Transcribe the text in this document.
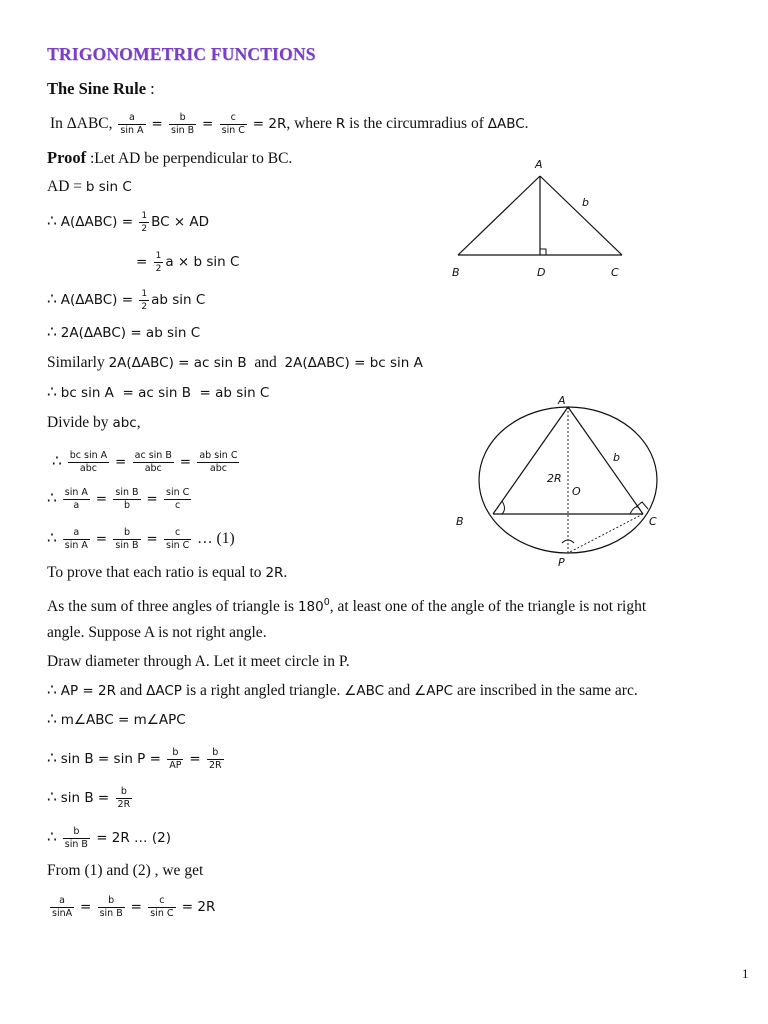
TRIGONOMETRIC FUNCTIONS
The Sine Rule :
In ΔABC, $\frac{a}{\text{sin A}} = \frac{b}{\text{sin B}} = \frac{c}{\text{sin C}} = 2R$, where R is the circumradius of ΔABC.
Proof :Let AD be perpendicular to BC.
AD = b sin C
∴ $A(\Delta ABC) = \frac{1}{2}$ BC × AD
= $\frac{1}{2}$ a × b sin C
∴ $A(\Delta ABC) = \frac{1}{2}$ ab sin C
∴ 2A(ΔABC) = ab sin C
Similarly 2A(ΔABC) = ac sin B  and  2A(ΔABC) = bc sin A
∴ bc sin A  = ac sin B  = ab sin C
Divide by abc,
∴ $\frac{\text{bc sin A}}{\text{abc}} = \frac{\text{ac sin B}}{\text{abc}} = \frac{\text{ab sin C}}{\text{abc}}$
∴ $\frac{\text{sin A}}{a} = \frac{\text{sin B}}{b} = \frac{\text{sin C}}{c}$
∴ $\frac{a}{\text{sin A}} = \frac{b}{\text{sin B}} = \frac{c}{\text{sin C}}$ … (1)
To prove that each ratio is equal to 2R.
As the sum of three angles of triangle is $180^0$, at least one of the angle of the triangle is not right
angle. Suppose A is not right angle.
Draw diameter through A. Let it meet circle in P.
∴ AP = 2R and ΔACP is a right angled triangle. ∠ABC and ∠APC are inscribed in the same arc.
∴ m∠ABC = m∠APC
∴ $\sin B = \sin P = \frac{b}{AP} = \frac{b}{2R}$
∴ $\sin B = \frac{b}{2R}$
∴ $\frac{b}{\text{sin B}} = 2R$ … (2)
From (1) and (2) , we get
$\frac{a}{\sin A} = \frac{b}{\text{sin B}} = \frac{c}{\text{sin C}} = 2R$
A
B	D	C
b
A
B	C
P
O
2R
b
1
